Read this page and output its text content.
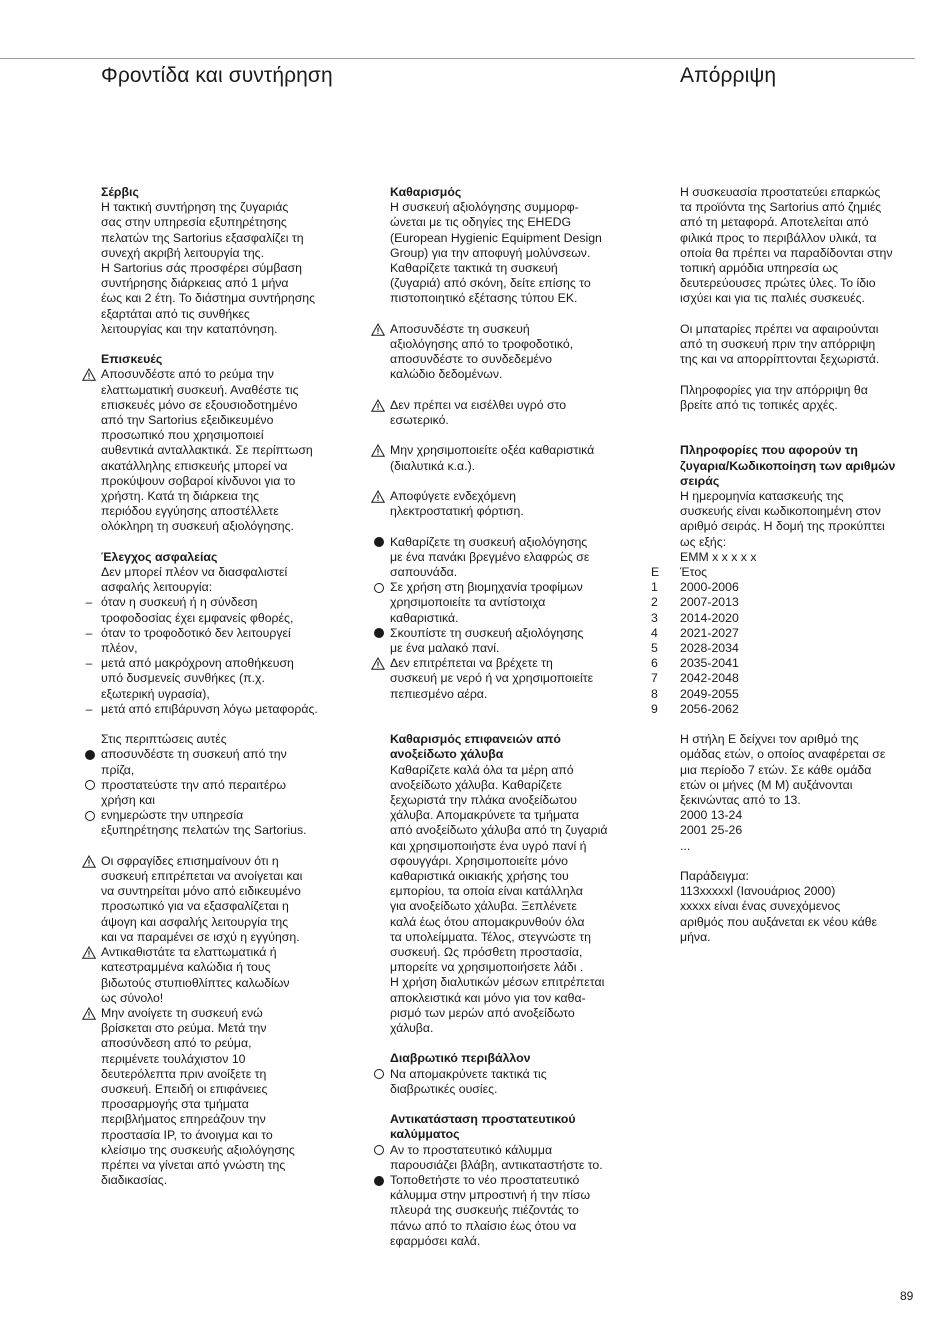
Φροντίδα και συντήρηση	Απόρριψη
Σέρβις
Η τακτική συντήρηση της ζυγαριάς
σας στην υπηρεσία εξυπηρέτησης
πελατών της Sartorius εξασφαλίζει τη
συνεχή ακριβή λειτουργία της.
Η Sartorius σάς προσφέρει σύμβαση
συντήρησης διάρκειας από 1 μήνα
έως και 2 έτη. Το διάστημα συντήρησης
εξαρτάται από τις συνθήκες
λειτουργίας και την καταπόνηση.
Επισκευές
Αποσυνδέστε από το ρεύμα την
ελαττωματική συσκευή. Αναθέστε τις
επισκευές μόνο σε εξουσιοδοτημένο
από την Sartorius εξειδικευμένο
προσωπικό που χρησιμοποιεί
αυθεντικά ανταλλακτικά. Σε περίπτωση
ακατάλληλης επισκευής μπορεί να
προκύψουν σοβαροί κίνδυνοι για το
χρήστη. Κατά τη διάρκεια της
περιόδου εγγύησης αποστέλλετε
ολόκληρη τη συσκευή αξιολόγησης.
Έλεγχος ασφαλείας
Δεν μπορεί πλέον να διασφαλιστεί
ασφαλής λειτουργία:
– όταν η συσκευή ή η σύνδεση
τροφοδοσίας έχει εμφανείς φθορές,
– όταν το τροφοδοτικό δεν λειτουργεί
πλέον,
– μετά από μακρόχρονη αποθήκευση
υπό δυσμενείς συνθήκες (π.χ.
εξωτερική υγρασία),
– μετά από επιβάρυνση λόγω μεταφοράς.
Στις περιπτώσεις αυτές
αποσυνδέστε τη συσκευή από την
πρίζα,
προστατεύστε την από περαιτέρω
χρήση και
ενημερώστε την υπηρεσία
εξυπηρέτησης πελατών της Sartorius.
Οι σφραγίδες επισημαίνουν ότι η
συσκευή επιτρέπεται να ανοίγεται και
να συντηρείται μόνο από ειδικευμένο
προσωπικό για να εξασφαλίζεται η
άψογη και ασφαλής λειτουργία της
και να παραμένει σε ισχύ η εγγύηση.
Αντικαθιστάτε τα ελαττωματικά ή
κατεστραμμένα καλώδια ή τους
βιδωτούς στυπιοθλίπτες καλωδίων
ως σύνολο!
Μην ανοίγετε τη συσκευή ενώ
βρίσκεται στο ρεύμα. Μετά την
αποσύνδεση από το ρεύμα,
περιμένετε τουλάχιστον 10
δευτερόλεπτα πριν ανοίξετε τη
συσκευή. Επειδή οι επιφάνειες
προσαρμογής στα τμήματα
περιβλήματος επηρεάζουν την
προστασία IP, το άνοιγμα και το
κλείσιμο της συσκευής αξιολόγησης
πρέπει να γίνεται από γνώστη της
διαδικασίας.
Καθαρισμός
Η συσκευή αξιολόγησης συμμορφ-
ώνεται με τις οδηγίες της EHEDG
(European Hygienic Equipment Design
Group) για την αποφυγή μολύνσεων.
Καθαρίζετε τακτικά τη συσκευή
(ζυγαριά) από σκόνη, δείτε επίσης το
πιστοποιητικό εξέτασης τύπου ΕΚ.
Αποσυνδέστε τη συσκευή
αξιολόγησης από το τροφοδοτικό,
αποσυνδέστε το συνδεδεμένο
καλώδιο δεδομένων.
Δεν πρέπει να εισέλθει υγρό στο
εσωτερικό.
Μην χρησιμοποιείτε οξέα καθαριστικά
(διαλυτικά κ.α.).
Αποφύγετε ενδεχόμενη
ηλεκτροστατική φόρτιση.
Καθαρίζετε τη συσκευή αξιολόγησης
με ένα πανάκι βρεγμένο ελαφρώς σε
σαπουνάδα.
Σε χρήση στη βιομηχανία τροφίμων
χρησιμοποιείτε τα αντίστοιχα
καθαριστικά.
Σκουπίστε τη συσκευή αξιολόγησης
με ένα μαλακό πανί.
Δεν επιτρέπεται να βρέχετε τη
συσκευή με νερό ή να χρησιμοποιείτε
πεπιεσμένο αέρα.
Καθαρισμός επιφανειών από
ανοξείδωτο χάλυβα
Καθαρίζετε καλά όλα τα μέρη από
ανοξείδωτο χάλυβα. Καθαρίζετε
ξεχωριστά την πλάκα ανοξείδωτου
χάλυβα. Απομακρύνετε τα τμήματα
από ανοξείδωτο χάλυβα από τη ζυγαριά
και χρησιμοποιήστε ένα υγρό πανί ή
σφουγγάρι. Χρησιμοποιείτε μόνο
καθαριστικά οικιακής χρήσης του
εμπορίου, τα οποία είναι κατάλληλα
για ανοξείδωτο χάλυβα. Ξεπλένετε
καλά έως ότου απομακρυνθούν όλα
τα υπολείμματα. Τέλος, στεγνώστε τη
συσκευή. Ως πρόσθετη προστασία,
μπορείτε να χρησιμοποιήσετε λάδι .
Η χρήση διαλυτικών μέσων επιτρέπεται
αποκλειστικά και μόνο για τον καθα-
ρισμό των μερών από ανοξείδωτο
χάλυβα.
Διαβρωτικό περιβάλλον
Να απομακρύνετε τακτικά τις
διαβρωτικές ουσίες.
Αντικατάσταση προστατευτικού
καλύμματος
Αν το προστατευτικό κάλυμμα
παρουσιάζει βλάβη, αντικαταστήστε το.
Τοποθετήστε το νέο προστατευτικό
κάλυμμα στην μπροστινή ή την πίσω
πλευρά της συσκευής πιέζοντάς το
πάνω από το πλαίσιο έως ότου να
εφαρμόσει καλά.
Η συσκευασία προστατεύει επαρκώς
τα προϊόντα της Sartorius από ζημιές
από τη μεταφορά. Αποτελείται από
φιλικά προς το περιβάλλον υλικά, τα
οποία θα πρέπει να παραδίδονται στην
τοπική αρμόδια υπηρεσία ως
δευτερεύουσες πρώτες ύλες. Το ίδιο
ισχύει και για τις παλιές συσκευές.
Οι μπαταρίες πρέπει να αφαιρούνται
από τη συσκευή πριν την απόρριψη
της και να απορρίπτονται ξεχωριστά.
Πληροφορίες για την απόρριψη θα
βρείτε από τις τοπικές αρχές.
Πληροφορίες που αφορούν τη
ζυγαρια/Κωδικοποίηση των αριθμών
σειράς
Η ημερομηνία κατασκευής της
συσκευής είναι κωδικοποιημένη στον
αριθμό σειράς. Η δομή της προκύπτει
ως εξής:
EMM x x x x x
E	Έτος
1	2000-2006
2	2007-2013
3	2014-2020
4	2021-2027
5	2028-2034
6	2035-2041
7	2042-2048
8	2049-2055
9	2056-2062
Η στήλη E δείχνει τον αριθμό της
ομάδας ετών, ο οποίος αναφέρεται σε
μια περίοδο 7 ετών. Σε κάθε ομάδα
ετών οι μήνες (M M) αυξάνονται
ξεκινώντας από το 13.
2000 13-24
2001 25-26
...
Παράδειγμα:
113xxxxxl (Ιανουάριος 2000)
xxxxx είναι ένας συνεχόμενος
αριθμός που αυξάνεται εκ νέου κάθε
μήνα.
89
